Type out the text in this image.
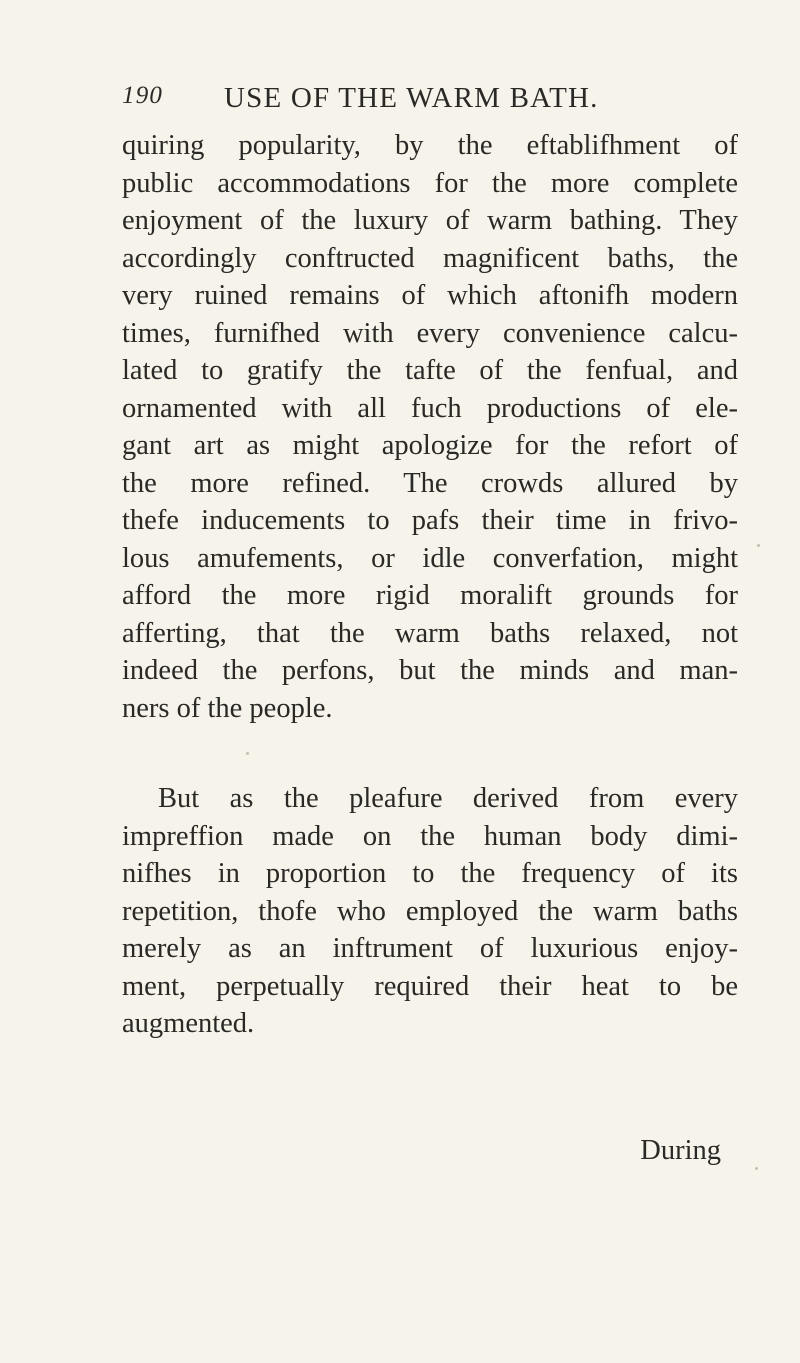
190 USE OF THE WARM BATH.
quiring popularity, by the eftablifhment of
public accommodations for the more complete
enjoyment of the luxury of warm bathing. They
accordingly conftructed magnificent baths, the
very ruined remains of which aftonifh modern
times, furnifhed with every convenience calcu-
lated to gratify the tafte of the fenfual, and
ornamented with all fuch productions of ele-
gant art as might apologize for the refort of
the more refined. The crowds allured by
thefe inducements to pafs their time in frivo-
lous amufements, or idle converfation, might
afford the more rigid moralift grounds for
afferting, that the warm baths relaxed, not
indeed the perfons, but the minds and man-
ners of the people.
But as the pleafure derived from every
impreffion made on the human body dimi-
nifhes in proportion to the frequency of its
repetition, thofe who employed the warm baths
merely as an inftrument of luxurious enjoy-
ment, perpetually required their heat to be
augmented.
During
